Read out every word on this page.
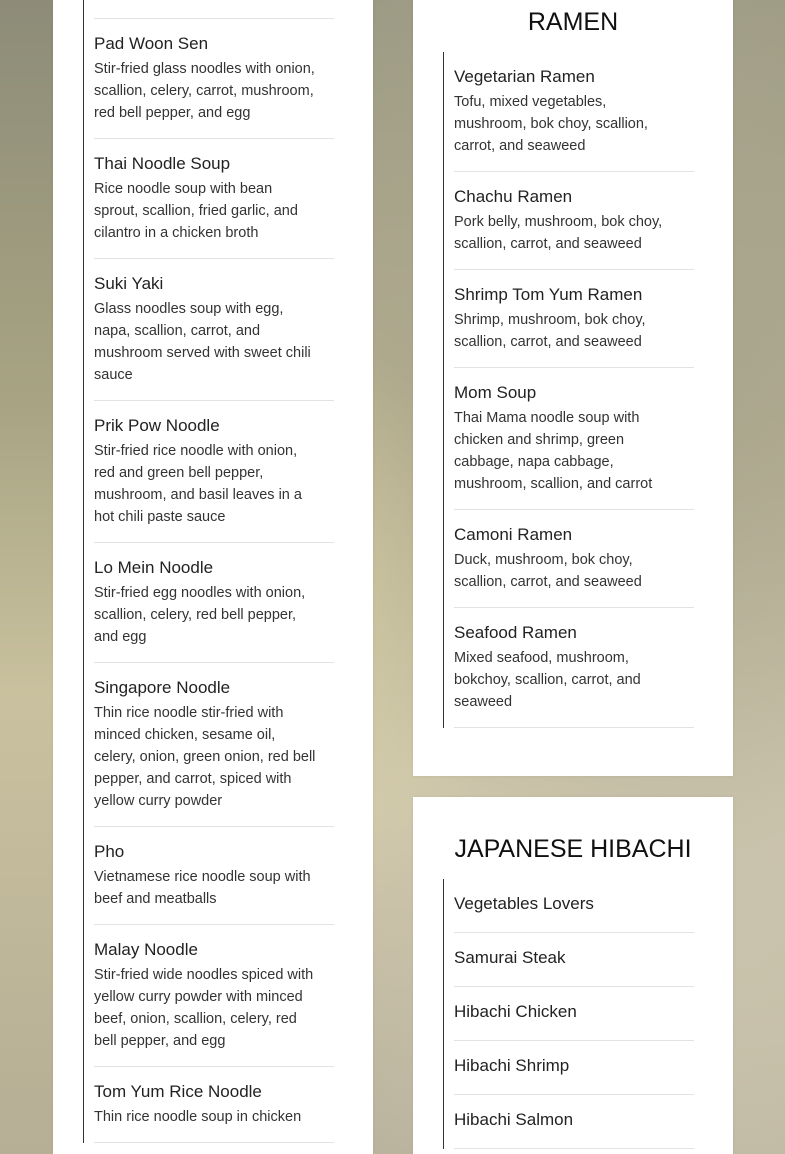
Pad Woon Sen

Stir-fried glass noodles with onion, scallion, celery, carrot, mushroom, red bell pepper, and egg

Thai Noodle Soup

Rice noodle soup with bean sprout, scallion, fried garlic, and cilantro in a chicken broth

Suki Yaki

Glass noodles soup with egg, napa, scallion, carrot, and mushroom served with sweet chili sauce

Prik Pow Noodle

Stir-fried rice noodle with onion, red and green bell pepper, mushroom, and basil leaves in a hot chili paste sauce

Lo Mein Noodle

Stir-fried egg noodles with onion, scallion, celery, red bell pepper, and egg

Singapore Noodle

Thin rice noodle stir-fried with minced chicken, sesame oil, celery, onion, green onion, red bell pepper, and carrot, spiced with yellow curry powder

Pho

Vietnamese rice noodle soup with beef and meatballs

Malay Noodle

Stir-fried wide noodles spiced with yellow curry powder with minced beef, onion, scallion, celery, red bell pepper, and egg

Tom Yum Rice Noodle

Thin rice noodle soup in chicken

RAMEN

Vegetarian Ramen

Tofu, mixed vegetables, mushroom, bok choy, scallion, carrot, and seaweed

Chachu Ramen

Pork belly, mushroom, bok choy, scallion, carrot, and seaweed

Shrimp Tom Yum Ramen

Shrimp, mushroom, bok choy, scallion, carrot, and seaweed

Mom Soup

Thai Mama noodle soup with chicken and shrimp, green cabbage, napa cabbage, mushroom, scallion, and carrot

Camoni Ramen

Duck, mushroom, bok choy, scallion, carrot, and seaweed

Seafood Ramen

Mixed seafood, mushroom, bokchoy, scallion, carrot, and seaweed

JAPANESE HIBACHI

Vegetables Lovers

Samurai Steak

Hibachi Chicken

Hibachi Shrimp

Hibachi Salmon
